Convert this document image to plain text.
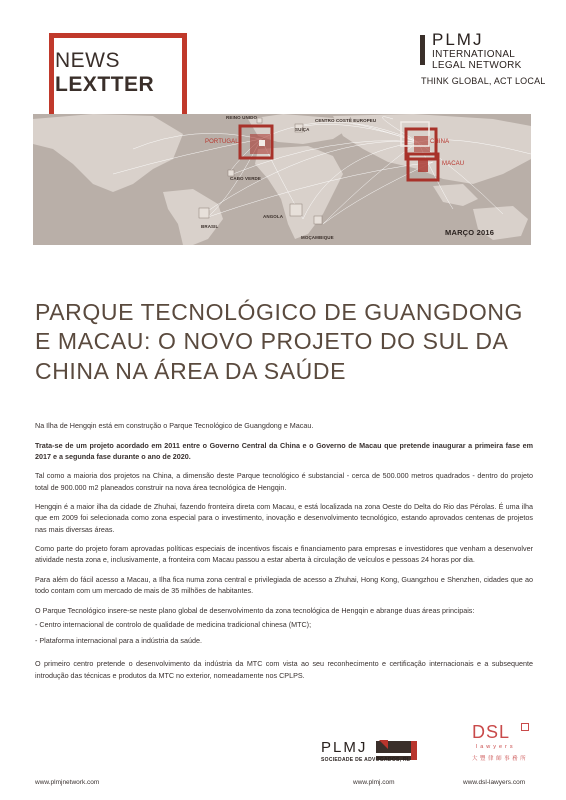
NEWS
LEXTTER
PLMJ
INTERNATIONAL
LEGAL NETWORK
THINK GLOBAL, ACT LOCAL
REINO UNIDO
CENTRO COSTÊ EUROPEU
SUÍÇA
PORTUGAL	CHINA
MACAU
CABO VERDE
ANGOLA
BRASIL
MOÇAMBIQUE
MARÇO 2016
PARQUE TECNOLÓGICO DE GUANGDONG E MACAU: O NOVO PROJETO DO SUL DA CHINA NA ÁREA DA SAÚDE

Na Ilha de Hengqin está em construção o Parque Tecnológico de Guangdong e Macau.

Trata-se de um projeto acordado em 2011 entre o Governo Central da China e o Governo de Macau que pretende inaugurar a primeira fase em 2017 e a segunda fase durante o ano de 2020.

Tal como a maioria dos projetos na China, a dimensão deste Parque tecnológico é substancial - cerca de 500.000 metros quadrados - dentro do projeto total de 900.000 m2 planeados construir na nova área tecnológica de Hengqin.

Hengqin é a maior ilha da cidade de Zhuhai, fazendo fronteira direta com Macau, e está localizada na zona Oeste do Delta do Rio das Pérolas. É uma ilha que em 2009 foi selecionada como zona especial para o investimento, inovação e desenvolvimento tecnológico, estando aprovados centenas de projetos nas mais diversas áreas.

Como parte do projeto foram aprovadas políticas especiais de incentivos fiscais e financiamento para empresas e investidores que venham a desenvolver atividade nesta zona e, inclusivamente, a fronteira com Macau passou a estar aberta à circulação de veículos e pessoas 24 horas por dia.

Para além do fácil acesso a Macau, a Ilha fica numa zona central e privilegiada de acesso a Zhuhai, Hong Kong, Guangzhou e Shenzhen, cidades que ao todo contam com um mercado de mais de 35 milhões de habitantes.

O Parque Tecnológico insere-se neste plano global de desenvolvimento da zona tecnológica de Hengqin e abrange duas áreas principais:

- Centro internacional de controlo de qualidade de medicina tradicional chinesa (MTC);
- Plataforma internacional para a indústria da saúde.

O primeiro centro pretende o desenvolvimento da indústria da MTC com vista ao seu reconhecimento e certificação internacionais e a subsequente introdução das técnicas e produtos da MTC no exterior, nomeadamente nos CPLPS.

PLMJ
SOCIEDADE DE ADVOGADOS, RL
DSL
lawyers
大 豐 律 師 事 務 所
www.plmjnetwork.com	www.plmj.com	www.dsl-lawyers.com
